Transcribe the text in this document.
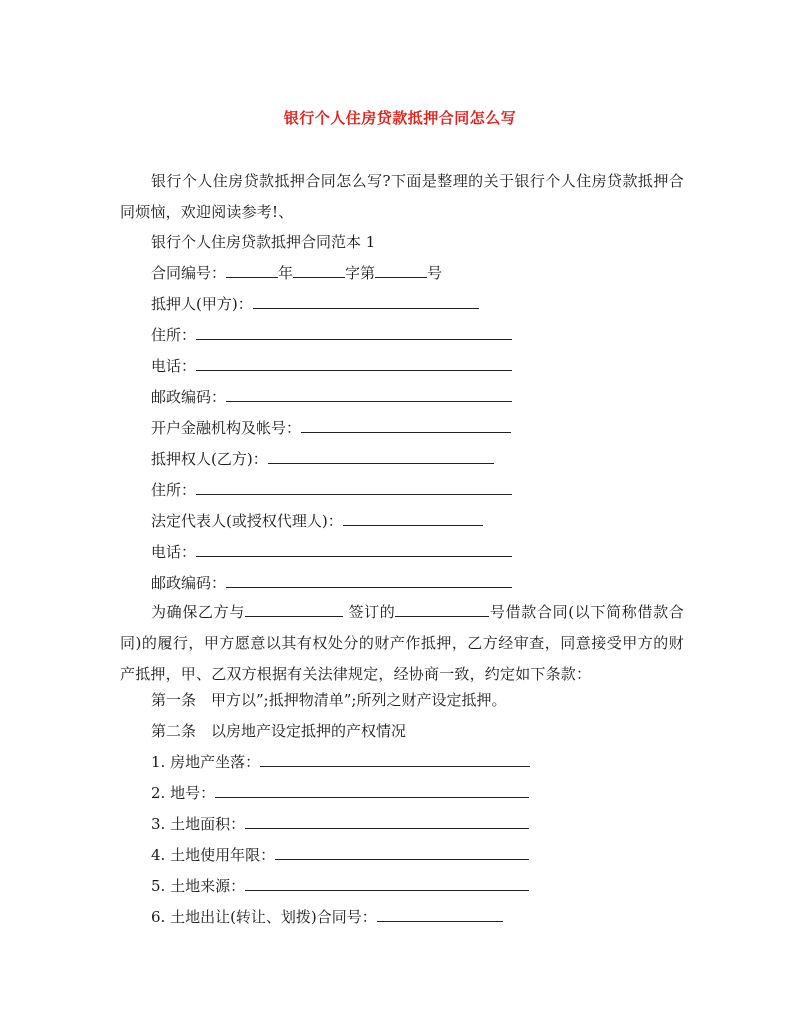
银行个人住房贷款抵押合同怎么写
银行个人住房贷款抵押合同怎么写?下面是整理的关于银行个人住房贷款抵押合同烦恼，欢迎阅读参考!、
银行个人住房贷款抵押合同范本 1
合同编号：	年	字第	号
抵押人(甲方)：
住所：
电话：
邮政编码：
开户金融机构及帐号：
抵押权人(乙方)：
住所：
法定代表人(或授权代理人)：
电话：
邮政编码：
为确保乙方与	签订的	号借款合同(以下简称借款合同)的履行，甲方愿意以其有权处分的财产作抵押，乙方经审查，同意接受甲方的财产抵押，甲、乙双方根据有关法律规定，经协商一致，约定如下条款：
第一条　甲方以”;抵押物清单”;所列之财产设定抵押。
第二条　以房地产设定抵押的产权情况
1. 房地产坐落：
2. 地号：
3. 土地面积：
4. 土地使用年限：
5. 土地来源：
6. 土地出让(转让、划拨)合同号：
